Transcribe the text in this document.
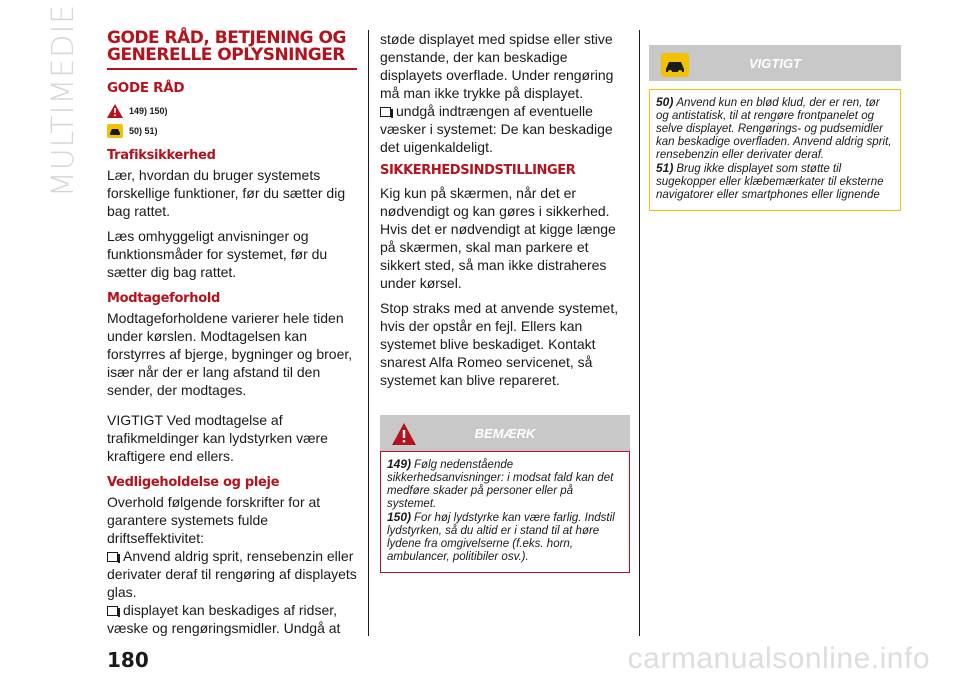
MULTIMEDIE GODE RÅD, BETJENING OG GENERELLE OPLYSNINGER
GODE RÅD
149) 150)
50) 51)
Trafiksikkerhed

Lær, hvordan du bruger systemets forskellige funktioner, før du sætter dig bag rattet.

Læs omhyggeligt anvisninger og funktionsmåder for systemet, før du sætter dig bag rattet.

Modtageforhold

Modtageforholdene varierer hele tiden under kørslen. Modtagelsen kan forstyrres af bjerge, bygninger og broer, især når der er lang afstand til den sender, der modtages.

VIGTIGT Ved modtagelse af trafikmeldinger kan lydstyrken være kraftigere end ellers.

Vedligeholdelse og pleje

Overhold følgende forskrifter for at garantere systemets fulde driftseffektivitet:

Anvend aldrig sprit, rensebenzin eller derivater deraf til rengøring af displayets glas.

displayet kan beskadiges af ridser, væske og rengøringsmidler. Undgå at

støde displayet med spidse eller stive genstande, der kan beskadige displayets overflade. Under rengøring må man ikke trykke på displayet.

undgå indtrængen af eventuelle væsker i systemet: De kan beskadige det uigenkaldeligt.

SIKKERHEDSINDSTILLINGER

Kig kun på skærmen, når det er nødvendigt og kan gøres i sikkerhed. Hvis det er nødvendigt at kigge længe på skærmen, skal man parkere et sikkert sted, så man ikke distraheres under kørsel.

Stop straks med at anvende systemet, hvis der opstår en fejl. Ellers kan systemet blive beskadiget. Kontakt snarest Alfa Romeo servicenet, så systemet kan blive repareret.

BEMÆRK

149) Følg nedenstående sikkerhedsanvisninger: i modsat fald kan det medføre skader på personer eller på systemet.

150) For høj lydstyrke kan være farlig. Indstil lydstyrken, så du altid er i stand til at høre lydene fra omgivelserne (f.eks. horn, ambulancer, politibiler osv.).

VIGTIGT

50) Anvend kun en blød klud, der er ren, tør og antistatisk, til at rengøre frontpanelet og selve displayet. Rengørings- og pudsemidler kan beskadige overfladen. Anvend aldrig sprit, rensebenzin eller derivater deraf.

51) Brug ikke displayet som støtte til sugekopper eller klæbemærkater til eksterne navigatorer eller smartphones eller lignende

180	carmanualsonline.info
